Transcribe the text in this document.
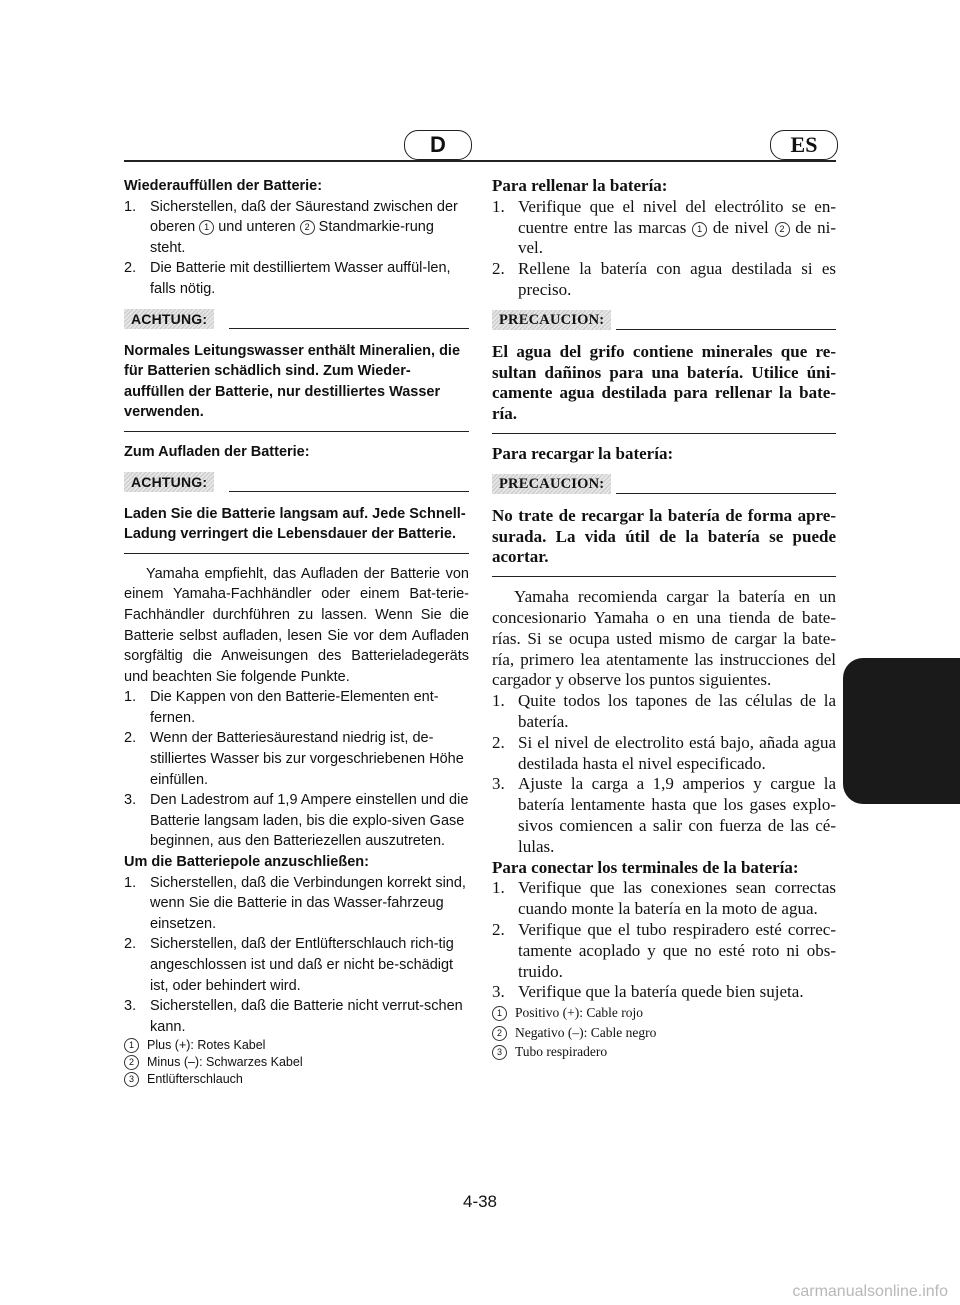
D	ES

Wiederauffüllen der Batterie:

1. Sicherstellen, daß der Säurestand zwischen der oberen 1 und unteren 2 Standmarkie-rung steht.
2. Die Batterie mit destilliertem Wasser auffül-len, falls nötig.
ACHTUNG:

Normales Leitungswasser enthält Mineralien, die für Batterien schädlich sind. Zum Wieder-auffüllen der Batterie, nur destilliertes Wasser verwenden.

Zum Aufladen der Batterie:

ACHTUNG:

Laden Sie die Batterie langsam auf. Jede Schnell-Ladung verringert die Lebensdauer der Batterie.

Yamaha empfiehlt, das Aufladen der Batterie von einem Yamaha-Fachhändler oder einem Bat-terie-Fachhändler durchführen zu lassen. Wenn Sie die Batterie selbst aufladen, lesen Sie vor dem Aufladen sorgfältig die Anweisungen des Batterieladegeräts und beachten Sie folgende Punkte.

1. Die Kappen von den Batterie-Elementen ent-fernen.
2. Wenn der Batteriesäurestand niedrig ist, de-stilliertes Wasser bis zur vorgeschriebenen Höhe einfüllen.
3. Den Ladestrom auf 1,9 Ampere einstellen und die Batterie langsam laden, bis die explo-siven Gase beginnen, aus den Batteriezellen auszutreten.

Um die Batteriepole anzuschließen:

1. Sicherstellen, daß die Verbindungen korrekt sind, wenn Sie die Batterie in das Wasser-fahrzeug einsetzen.
2. Sicherstellen, daß der Entlüfterschlauch rich-tig angeschlossen ist und daß er nicht be-schädigt ist, oder behindert wird.
3. Sicherstellen, daß die Batterie nicht verrut-schen kann.
1 Plus (+): Rotes Kabel
2 Minus (–): Schwarzes Kabel
3 Entlüfterschlauch

Para rellenar la batería:

1. Verifique que el nivel del electrólito se en-cuentre entre las marcas 1 de nivel 2 de ni-vel.
2. Rellene la batería con agua destilada si es preciso.
PRECAUCION:

El agua del grifo contiene minerales que re-sultan dañinos para una batería. Utilice úni-camente agua destilada para rellenar la bate-ría.

Para recargar la batería:

PRECAUCION:

No trate de recargar la batería de forma apre-surada. La vida útil de la batería se puede acortar.

Yamaha recomienda cargar la batería en un concesionario Yamaha o en una tienda de bate-rías. Si se ocupa usted mismo de cargar la bate-ría, primero lea atentamente las instrucciones del cargador y observe los puntos siguientes.

1. Quite todos los tapones de las células de la batería.
2. Si el nivel de electrolito está bajo, añada agua destilada hasta el nivel especificado.
3. Ajuste la carga a 1,9 amperios y cargue la batería lentamente hasta que los gases explo-sivos comiencen a salir con fuerza de las cé-lulas.

Para conectar los terminales de la batería:

1. Verifique que las conexiones sean correctas cuando monte la batería en la moto de agua.
2. Verifique que el tubo respiradero esté correc-tamente acoplado y que no esté roto ni obs-truido.
3. Verifique que la batería quede bien sujeta.
1 Positivo (+): Cable rojo
2 Negativo (–): Cable negro
3 Tubo respiradero
4-38
carmanualsonline.info
